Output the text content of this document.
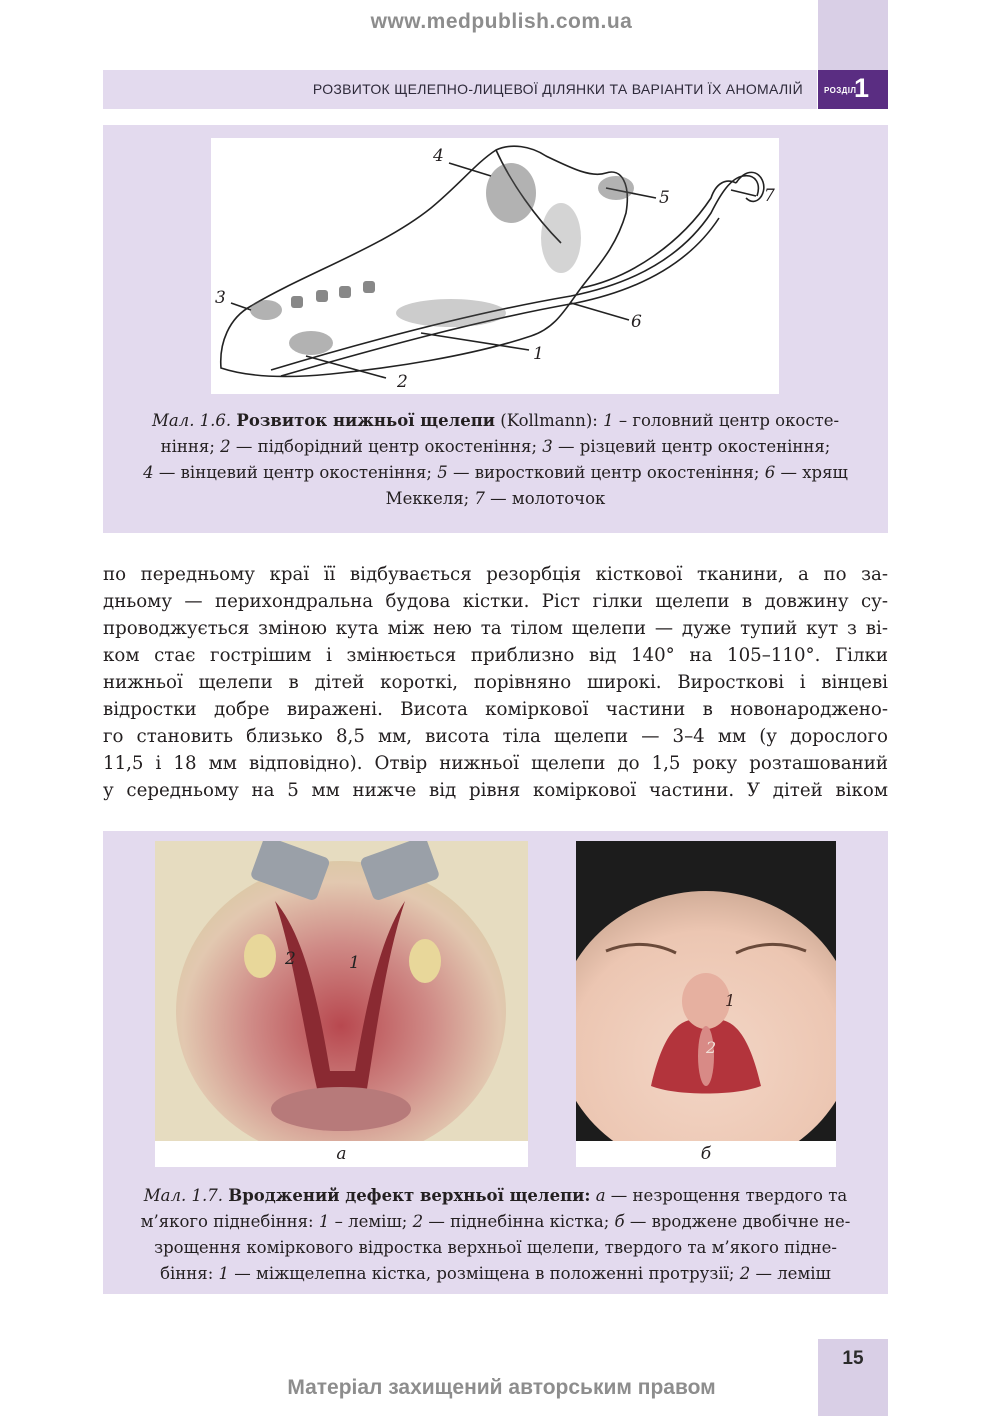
www.medpublish.com.ua
РОЗВИТОК ЩЕЛЕПНО-ЛИЦЕВОЇ ДІЛЯНКИ ТА ВАРІАНТИ ЇХ АНОМАЛІЙ	РОЗДІЛ
1
4
5	7
3
6
1
2
Мал. 1.6. Розвиток нижньої щелепи (Kollmann): 1 – головний центр окосте-
ніння; 2 — підборідний центр окостеніння; 3 — різцевий центр окостеніння;
4 — вінцевий центр окостеніння; 5 — виростковий центр окостеніння; 6 — хрящ
Меккеля; 7 — молоточок
по передньому краї її відбувається резорбція кісткової тканини, а по за-
дньому — перихондральна будова кістки. Ріст гілки щелепи в довжину су-
проводжується зміною кута між нею та тілом щелепи — дуже тупий кут з ві-
ком стає гострішим і змінюється приблизно від 140° на 105–110°. Гілки
нижньої щелепи в дітей короткі, порівняно широкі. Виросткові і вінцеві
відростки добре виражені. Висота коміркової частини в новонароджено-
го становить близько 8,5 мм, висота тіла щелепи — 3–4 мм (у дорослого
11,5 і 18 мм відповідно). Отвір нижньої щелепи до 1,5 року розташований
у середньому на 5 мм нижче від рівня коміркової частини. У дітей віком
2	1
а
1
2
б
Мал. 1.7. Вроджений дефект верхньої щелепи: а — незрощення твердого та
м’якого піднебіння: 1 – леміш; 2 — піднебінна кістка; б — вроджене двобічне не-
зрощення коміркового відростка верхньої щелепи, твердого та м’якого підне-
біння: 1 — міжщелепна кістка, розміщена в положенні протрузії; 2 — леміш
15
Матеріал захищений авторським правом
